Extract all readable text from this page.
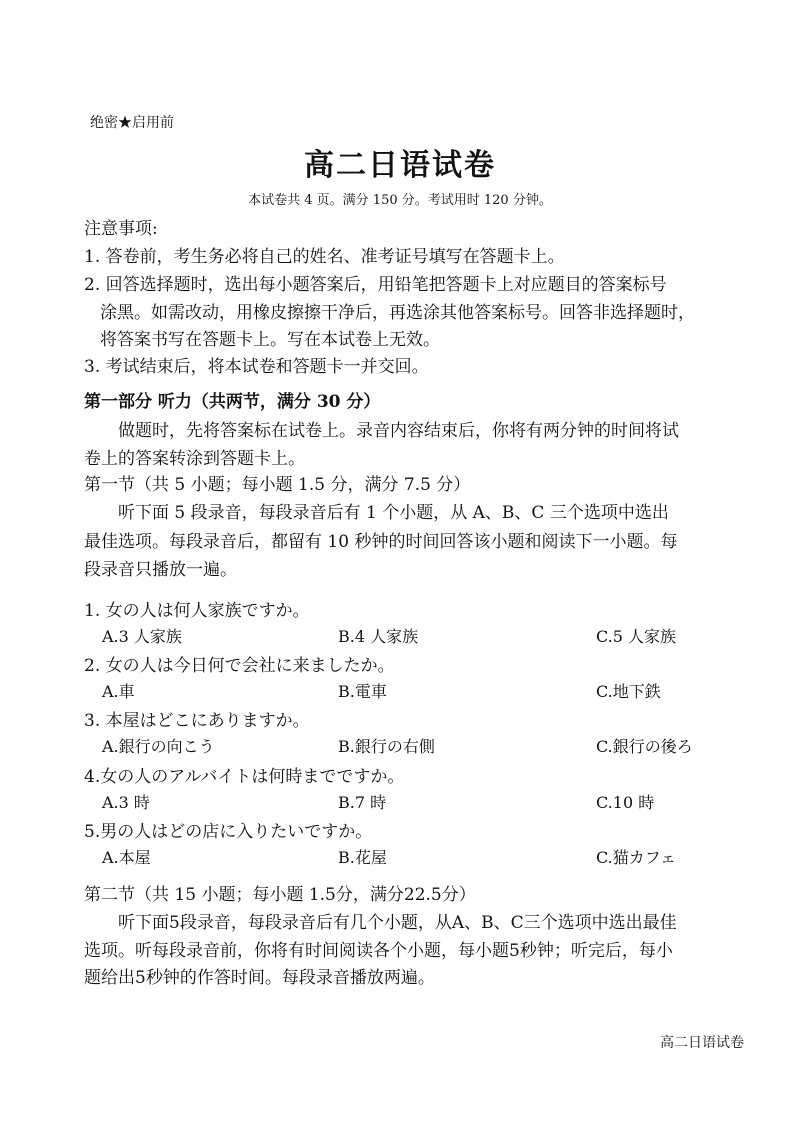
绝密★启用前
高二日语试卷
本试卷共 4 页。满分 150 分。考试用时 120 分钟。
注意事项:
1. 答卷前，考生务必将自己的姓名、准考证号填写在答题卡上。
2. 回答选择题时，选出每小题答案后，用铅笔把答题卡上对应题目的答案标号
涂黑。如需改动，用橡皮擦擦干净后，再选涂其他答案标号。回答非选择题时，
将答案书写在答题卡上。写在本试卷上无效。
3. 考试结束后，将本试卷和答题卡一并交回。
第一部分 听力（共两节，满分 30 分）
做题时，先将答案标在试卷上。录音内容结束后，你将有两分钟的时间将试
卷上的答案转涂到答题卡上。
第一节（共 5 小题；每小题 1.5 分，满分 7.5 分）
听下面 5 段录音，每段录音后有 1 个小题，从 A、B、C 三个选项中选出
最佳选项。每段录音后，都留有 10 秒钟的时间回答该小题和阅读下一小题。每
段录音只播放一遍。
1. 女の人は何人家族ですか。
A.3 人家族	B.4 人家族	C.5 人家族
2. 女の人は今日何で会社に来ましたか。
A.車	B.電車	C.地下鉄
3. 本屋はどこにありますか。
A.銀行の向こう	B.銀行の右側	C.銀行の後ろ
4.女の人のアルバイトは何時までですか。
A.3 時	B.7 時	C.10 時
5.男の人はどの店に入りたいですか。
A.本屋	B.花屋	C.猫カフェ
第二节（共 15 小题；每小题 1.5分，满分22.5分）
听下面5段录音，每段录音后有几个小题，从A、B、C三个选项中选出最佳
选项。听每段录音前，你将有时间阅读各个小题，每小题5秒钟；听完后，每小
题给出5秒钟的作答时间。每段录音播放两遍。
高二日语试卷
